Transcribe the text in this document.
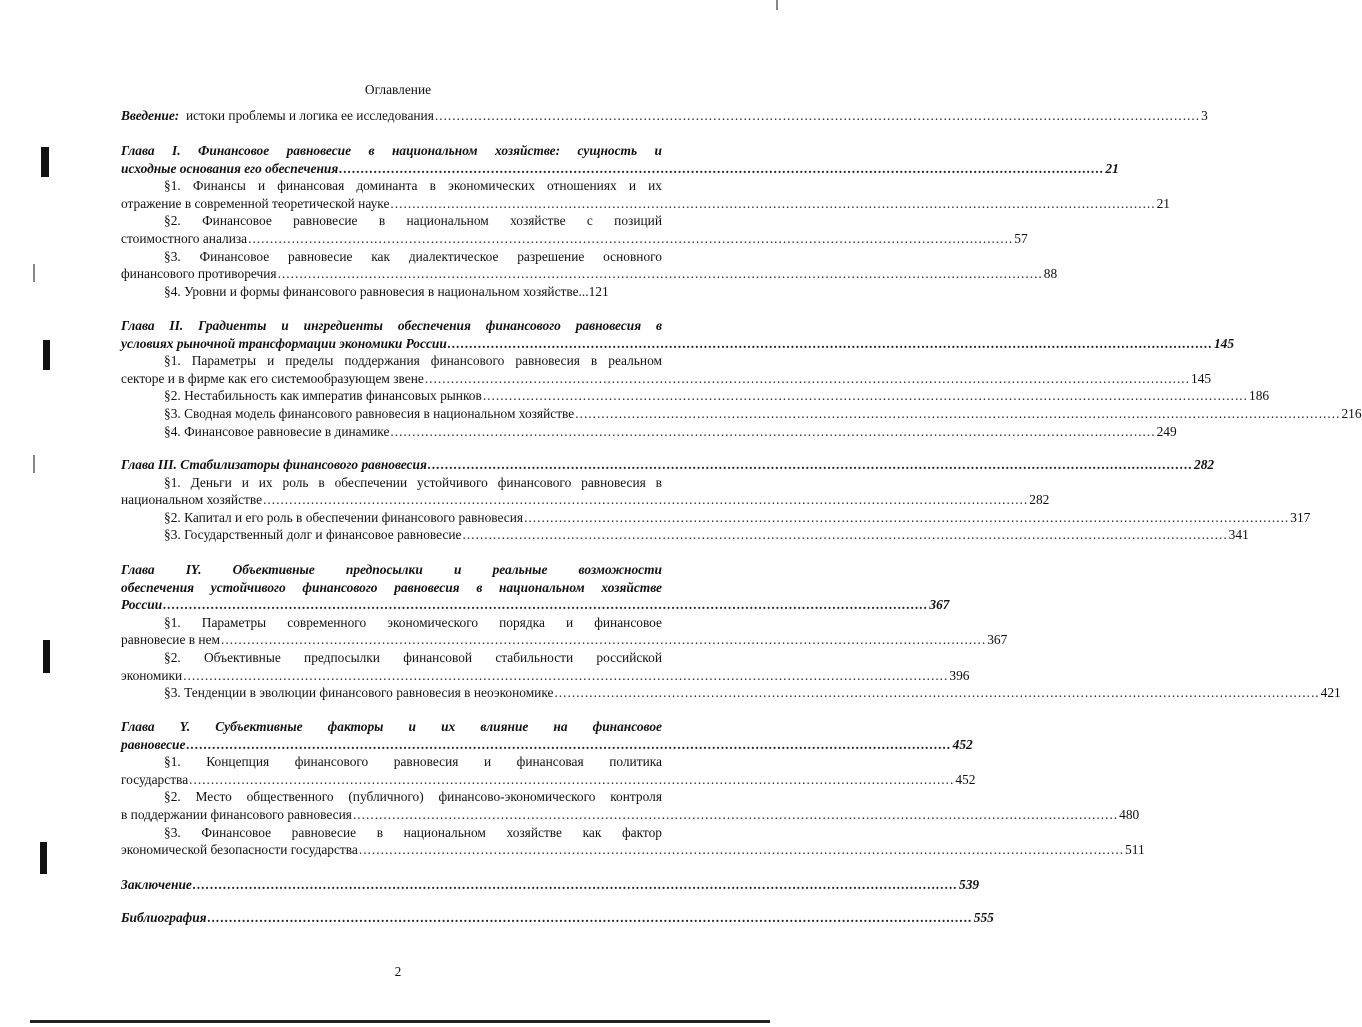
Оглавление
Введение: истоки проблемы и логика ее исследования .....	3
Глава I. Финансовое равновесие в национальном хозяйстве: сущность и
исходные основания его обеспечения .....	21
§1. Финансы и финансовая доминанта в экономических отношениях и их
отражение в современной теоретической науке .....	21
§2. Финансовое равновесие в национальном хозяйстве с позиций
стоимостного анализа .....	57
§3. Финансовое равновесие как диалектическое разрешение основного
финансового противоречия .....	88
§4. Уровни и формы финансового равновесия в национальном хозяйстве... 121
Глава II. Градиенты и ингредиенты обеспечения финансового равновесия в
условиях рыночной трансформации экономики России .....	145
§1. Параметры и пределы поддержания финансового равновесия в реальном
секторе и в фирме как его системообразующем звене .....	145
§2. Нестабильность как императив финансовых рынков .....	186
§3. Сводная модель финансового равновесия в национальном хозяйстве .....	216
§4. Финансовое равновесие в динамике .....	249
Глава III. Стабилизаторы финансового равновесия .....	282
§1. Деньги и их роль в обеспечении устойчивого финансового равновесия в
национальном хозяйстве .....	282
§2. Капитал и его роль в обеспечении финансового равновесия .....	317
§3. Государственный долг и финансовое равновесие .....	341
Глава IY. Объективные предпосылки и реальные возможности
обеспечения устойчивого финансового равновесия в национальном хозяйстве
России .....	367
§1. Параметры современного экономического порядка и финансовое
равновесие в нем .....	367
§2. Объективные предпосылки финансовой стабильности российской
экономики .....	396
§3. Тенденции в эволюции финансового равновесия в неоэкономике .....	421
Глава Y. Субъективные факторы и их влияние на финансовое
равновесие .....	452
§1. Концепция финансового равновесия и финансовая политика
государства .....	452
§2. Место общественного (публичного) финансово-экономического контроля
в поддержании финансового равновесия .....	480
§3. Финансовое равновесие в национальном хозяйстве как фактор
экономической безопасности государства .....	511
Заключение .....	539
Библиография .....	555
2
